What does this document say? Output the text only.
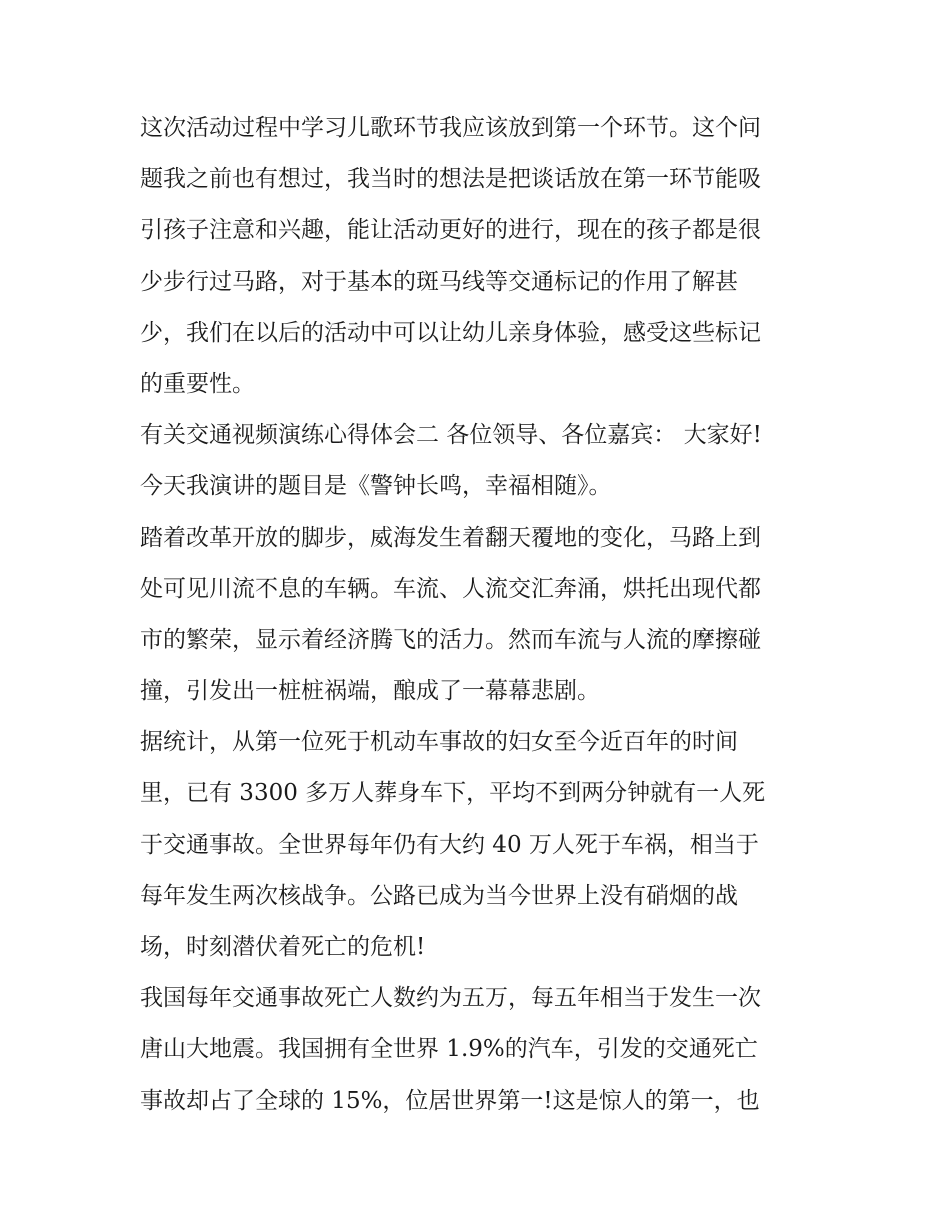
这次活动过程中学习儿歌环节我应该放到第一个环节。这个问
题我之前也有想过，我当时的想法是把谈话放在第一环节能吸
引孩子注意和兴趣，能让活动更好的进行，现在的孩子都是很
少步行过马路，对于基本的斑马线等交通标记的作用了解甚
少，我们在以后的活动中可以让幼儿亲身体验，感受这些标记
的重要性。
有关交通视频演练心得体会二 各位领导、各位嘉宾： 大家好!
今天我演讲的题目是《警钟长鸣，幸福相随》。
踏着改革开放的脚步，威海发生着翻天覆地的变化，马路上到
处可见川流不息的车辆。车流、人流交汇奔涌，烘托出现代都
市的繁荣，显示着经济腾飞的活力。然而车流与人流的摩擦碰
撞，引发出一桩桩祸端，酿成了一幕幕悲剧。
据统计，从第一位死于机动车事故的妇女至今近百年的时间
里，已有 3300 多万人葬身车下，平均不到两分钟就有一人死
于交通事故。全世界每年仍有大约 40 万人死于车祸，相当于
每年发生两次核战争。公路已成为当今世界上没有硝烟的战
场，时刻潜伏着死亡的危机!
我国每年交通事故死亡人数约为五万，每五年相当于发生一次
唐山大地震。我国拥有全世界 1.9%的汽车，引发的交通死亡
事故却占了全球的 15%，位居世界第一!这是惊人的第一，也
